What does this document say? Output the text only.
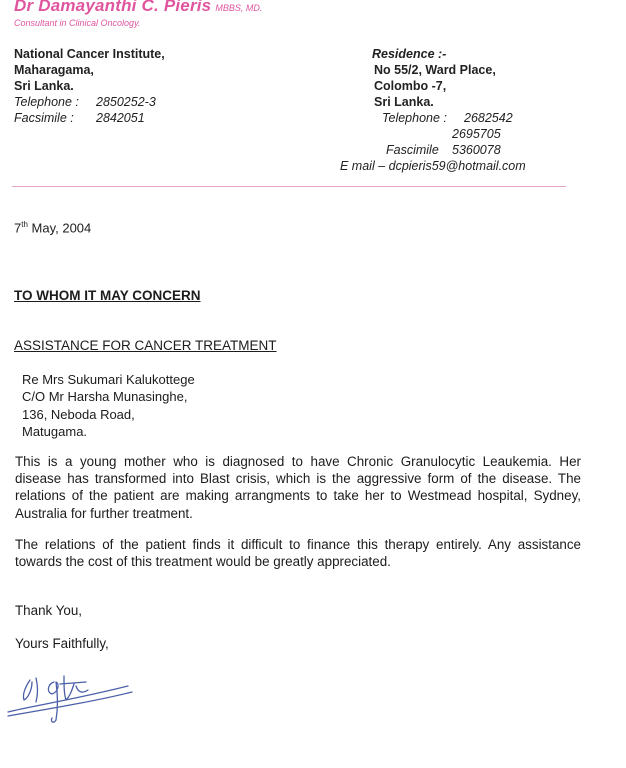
Dr Damayanthi C. Pieris MBBS, MD.
Consultant in Clinical Oncology.
National Cancer Institute,
Maharagama,
Sri Lanka.
Telephone : 2850252-3
Facsimile : 2842051
Residence :-
No 55/2, Ward Place,
Colombo -7,
Sri Lanka.
Telephone : 2682542
2695705
Fascimile 5360078
E mail – dcpieris59@hotmail.com
7th May, 2004
TO WHOM IT MAY CONCERN
ASSISTANCE FOR CANCER TREATMENT
Re Mrs Sukumari Kalukottege
C/O Mr Harsha Munasinghe,
136, Neboda Road,
Matugama.
This is a young mother who is diagnosed to have Chronic Granulocytic Leaukemia. Her disease has transformed into Blast crisis, which is the aggressive form of the disease. The relations of the patient are making arrangments to take her to Westmead hospital, Sydney, Australia for further treatment.
The relations of the patient finds it difficult to finance this therapy entirely. Any assistance towards the cost of this treatment would be greatly appreciated.
Thank You,
Yours Faithfully,
